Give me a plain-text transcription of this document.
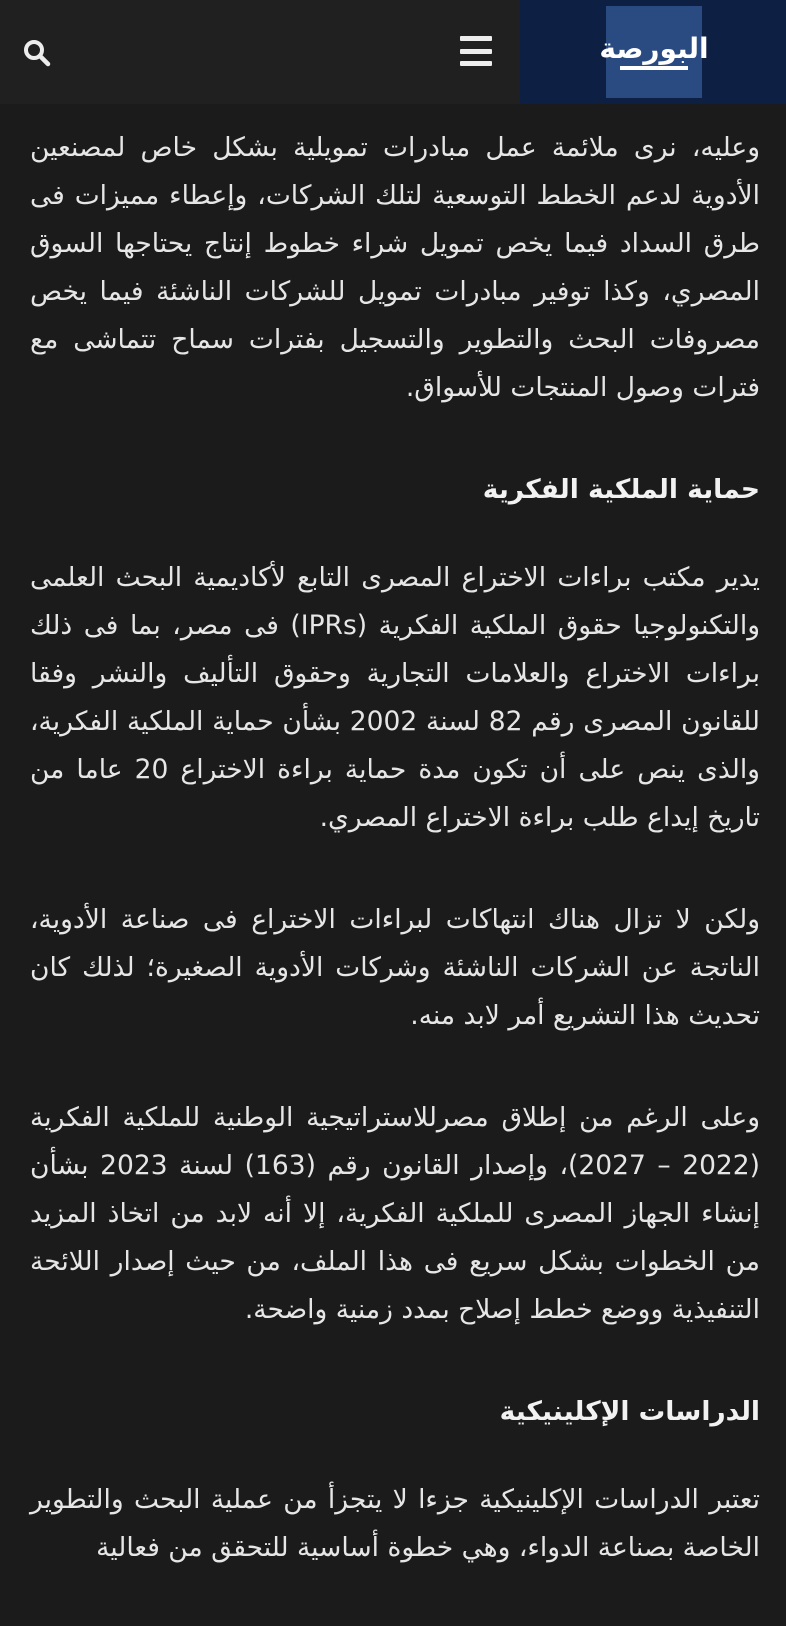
البورصة

وعليه، نرى ملائمة عمل مبادرات تمويلية بشكل خاص لمصنعين الأدوية لدعم الخطط التوسعية لتلك الشركات، وإعطاء مميزات فى طرق السداد فيما يخص تمويل شراء خطوط إنتاج يحتاجها السوق المصري، وكذا توفير مبادرات تمويل للشركات الناشئة فيما يخص مصروفات البحث والتطوير والتسجيل بفترات سماح تتماشى مع فترات وصول المنتجات للأسواق.

حماية الملكية الفكرية

يدير مكتب براءات الاختراع المصرى التابع لأكاديمية البحث العلمى والتكنولوجيا حقوق الملكية الفكرية (IPRs) فى مصر، بما فى ذلك براءات الاختراع والعلامات التجارية وحقوق التأليف والنشر وفقا للقانون المصرى رقم 82 لسنة 2002 بشأن حماية الملكية الفكرية، والذى ينص على أن تكون مدة حماية براءة الاختراع 20 عاما من تاريخ إيداع طلب براءة الاختراع المصري.

ولكن لا تزال هناك انتهاكات لبراءات الاختراع فى صناعة الأدوية، الناتجة عن الشركات الناشئة وشركات الأدوية الصغيرة؛ لذلك كان تحديث هذا التشريع أمر لابد منه.

وعلى الرغم من إطلاق مصرللاستراتيجية الوطنية للملكية الفكرية (2022 – 2027)، وإصدار القانون رقم (163) لسنة 2023 بشأن إنشاء الجهاز المصرى للملكية الفكرية، إلا أنه لابد من اتخاذ المزيد من الخطوات بشكل سريع فى هذا الملف، من حيث إصدار اللائحة التنفيذية ووضع خطط إصلاح بمدد زمنية واضحة.

الدراسات الإكلينيكية

تعتبر الدراسات الإكلينيكية جزءا لا يتجزأ من عملية البحث والتطوير الخاصة بصناعة الدواء، وهي خطوة أساسية للتحقق من فعالية
